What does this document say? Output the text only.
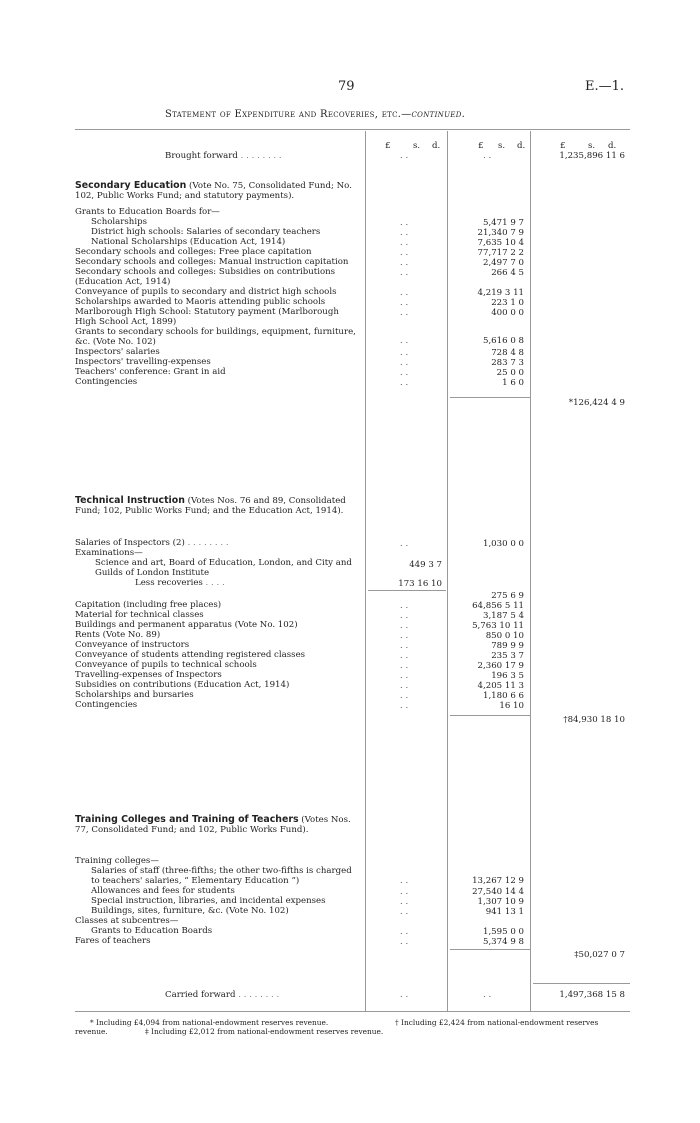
79	E.—1.
Statement of Expenditure and Recoveries, etc.—continued.
£	s. d.	£ s. d.	£	s. d.
Brought forward . . . . . . . .	. .	. .	1,235,896 11 6
Secondary Education (Vote No. 75, Consolidated Fund; No. 102, Public Works Fund; and statutory payments).
Grants to Education Boards for—
Scholarships	. .	5,471 9 7
District high schools: Salaries of secondary teachers	. .	21,340 7 9
National Scholarships (Education Act, 1914)	. .	7,635 10 4
Secondary schools and colleges: Free place capitation	. .	77,717 2 2
Secondary schools and colleges: Manual instruction capitation	. .	2,497 7 0
Secondary schools and colleges: Subsidies on contributions (Education Act, 1914)
. .	266 4 5
Conveyance of pupils to secondary and district high schools	. .	4,219 3 11
Scholarships awarded to Maoris attending public schools	. .	223 1 0
Marlborough High School: Statutory payment (Marlborough High School Act, 1899)
. .	400 0 0
Grants to secondary schools for buildings, equipment, furniture, &c. (Vote No. 102)	. .	5,616 0 8
Inspectors' salaries	. .	728 4 8
Inspectors' travelling-expenses	. .	283 7 3
Teachers' conference: Grant in aid	. .	25 0 0
Contingencies	. .	1 6 0
*126,424 4 9
Technical Instruction (Votes Nos. 76 and 89, Consolidated Fund; 102, Public Works Fund; and the Education Act, 1914).
Salaries of Inspectors (2) . . . . . . . .	. .	1,030 0 0
Examinations—
Science and art, Board of Education, London, and City and Guilds of London Institute
449 3 7
Less recoveries . . . .	173 16 10
275 6 9
Capitation (including free places)	. .	64,856 5 11
Material for technical classes	. .	3,187 5 4
Buildings and permanent apparatus (Vote No. 102)	. .	5,763 10 11
Rents (Vote No. 89)	. .	850 0 10
Conveyance of instructors	. .	789 9 9
Conveyance of students attending registered classes	. .	235 3 7
Conveyance of pupils to technical schools	. .	2,360 17 9
Travelling-expenses of Inspectors	. .	196 3 5
Subsidies on contributions (Education Act, 1914)	. .	4,205 11 3
Scholarships and bursaries	. .	1,180 6 6
Contingencies	. .	16 10
†84,930 18 10
Training Colleges and Training of Teachers (Votes Nos. 77, Consolidated Fund; and 102, Public Works Fund).
Training colleges—
Salaries of staff (three-fifths; the other two-fifths is charged to teachers' salaries, “ Elementary Education ”)	. .	13,267 12 9
Allowances and fees for students	. .	27,540 14 4
Special instruction, libraries, and incidental expenses	. .	1,307 10 9
Buildings, sites, furniture, &c. (Vote No. 102)	. .	941 13 1
Classes at subcentres—
Grants to Education Boards	. .	1,595 0 0
Fares of teachers	. .	5,374 9 8
‡50,027 0 7
Carried forward . . . . . . . .	. .	. .	1,497,368 15 8
* Including £4,094 from national-endowment reserves revenue.	† Including £2,424 from national-endowment reserves
revenue.	‡ Including £2,012 from national-endowment reserves revenue.
